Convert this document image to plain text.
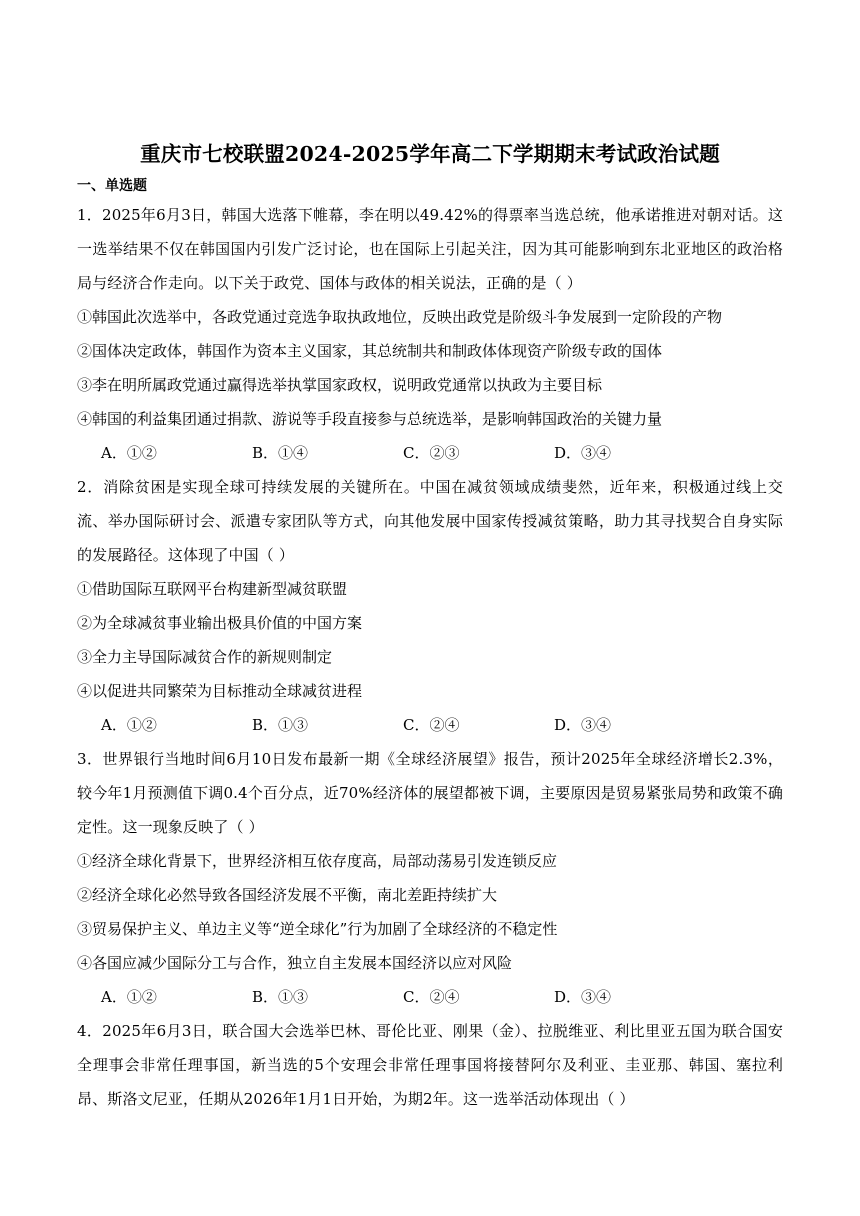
重庆市七校联盟2024-2025学年高二下学期期末考试政治试题
一、单选题

1．2025年6月3日，韩国大选落下帷幕，李在明以49.42%的得票率当选总统，他承诺推进对朝对话。这一选举结果不仅在韩国国内引发广泛讨论，也在国际上引起关注，因为其可能影响到东北亚地区的政治格局与经济合作走向。以下关于政党、国体与政体的相关说法，正确的是（ ）

①韩国此次选举中，各政党通过竞选争取执政地位，反映出政党是阶级斗争发展到一定阶段的产物

②国体决定政体，韩国作为资本主义国家，其总统制共和制政体体现资产阶级专政的国体

③李在明所属政党通过赢得选举执掌国家政权，说明政党通常以执政为主要目标

④韩国的利益集团通过捐款、游说等手段直接参与总统选举，是影响韩国政治的关键力量

A．①②	B．①④	C．②③	D．③④

2．消除贫困是实现全球可持续发展的关键所在。中国在减贫领域成绩斐然，近年来，积极通过线上交流、举办国际研讨会、派遣专家团队等方式，向其他发展中国家传授减贫策略，助力其寻找契合自身实际的发展路径。这体现了中国（ ）

①借助国际互联网平台构建新型减贫联盟

②为全球减贫事业输出极具价值的中国方案

③全力主导国际减贫合作的新规则制定

④以促进共同繁荣为目标推动全球减贫进程

A．①②	B．①③	C．②④	D．③④

3．世界银行当地时间6月10日发布最新一期《全球经济展望》报告，预计2025年全球经济增长2.3%，较今年1月预测值下调0.4个百分点，近70%经济体的展望都被下调，主要原因是贸易紧张局势和政策不确定性。这一现象反映了（ ）

①经济全球化背景下，世界经济相互依存度高，局部动荡易引发连锁反应

②经济全球化必然导致各国经济发展不平衡，南北差距持续扩大

③贸易保护主义、单边主义等“逆全球化”行为加剧了全球经济的不稳定性

④各国应减少国际分工与合作，独立自主发展本国经济以应对风险

A．①②	B．①③	C．②④	D．③④

4．2025年6月3日，联合国大会选举巴林、哥伦比亚、刚果（金）、拉脱维亚、利比里亚五国为联合国安全理事会非常任理事国，新当选的5个安理会非常任理事国将接替阿尔及利亚、圭亚那、韩国、塞拉利昂、斯洛文尼亚，任期从2026年1月1日开始，为期2年。这一选举活动体现出（ ）
